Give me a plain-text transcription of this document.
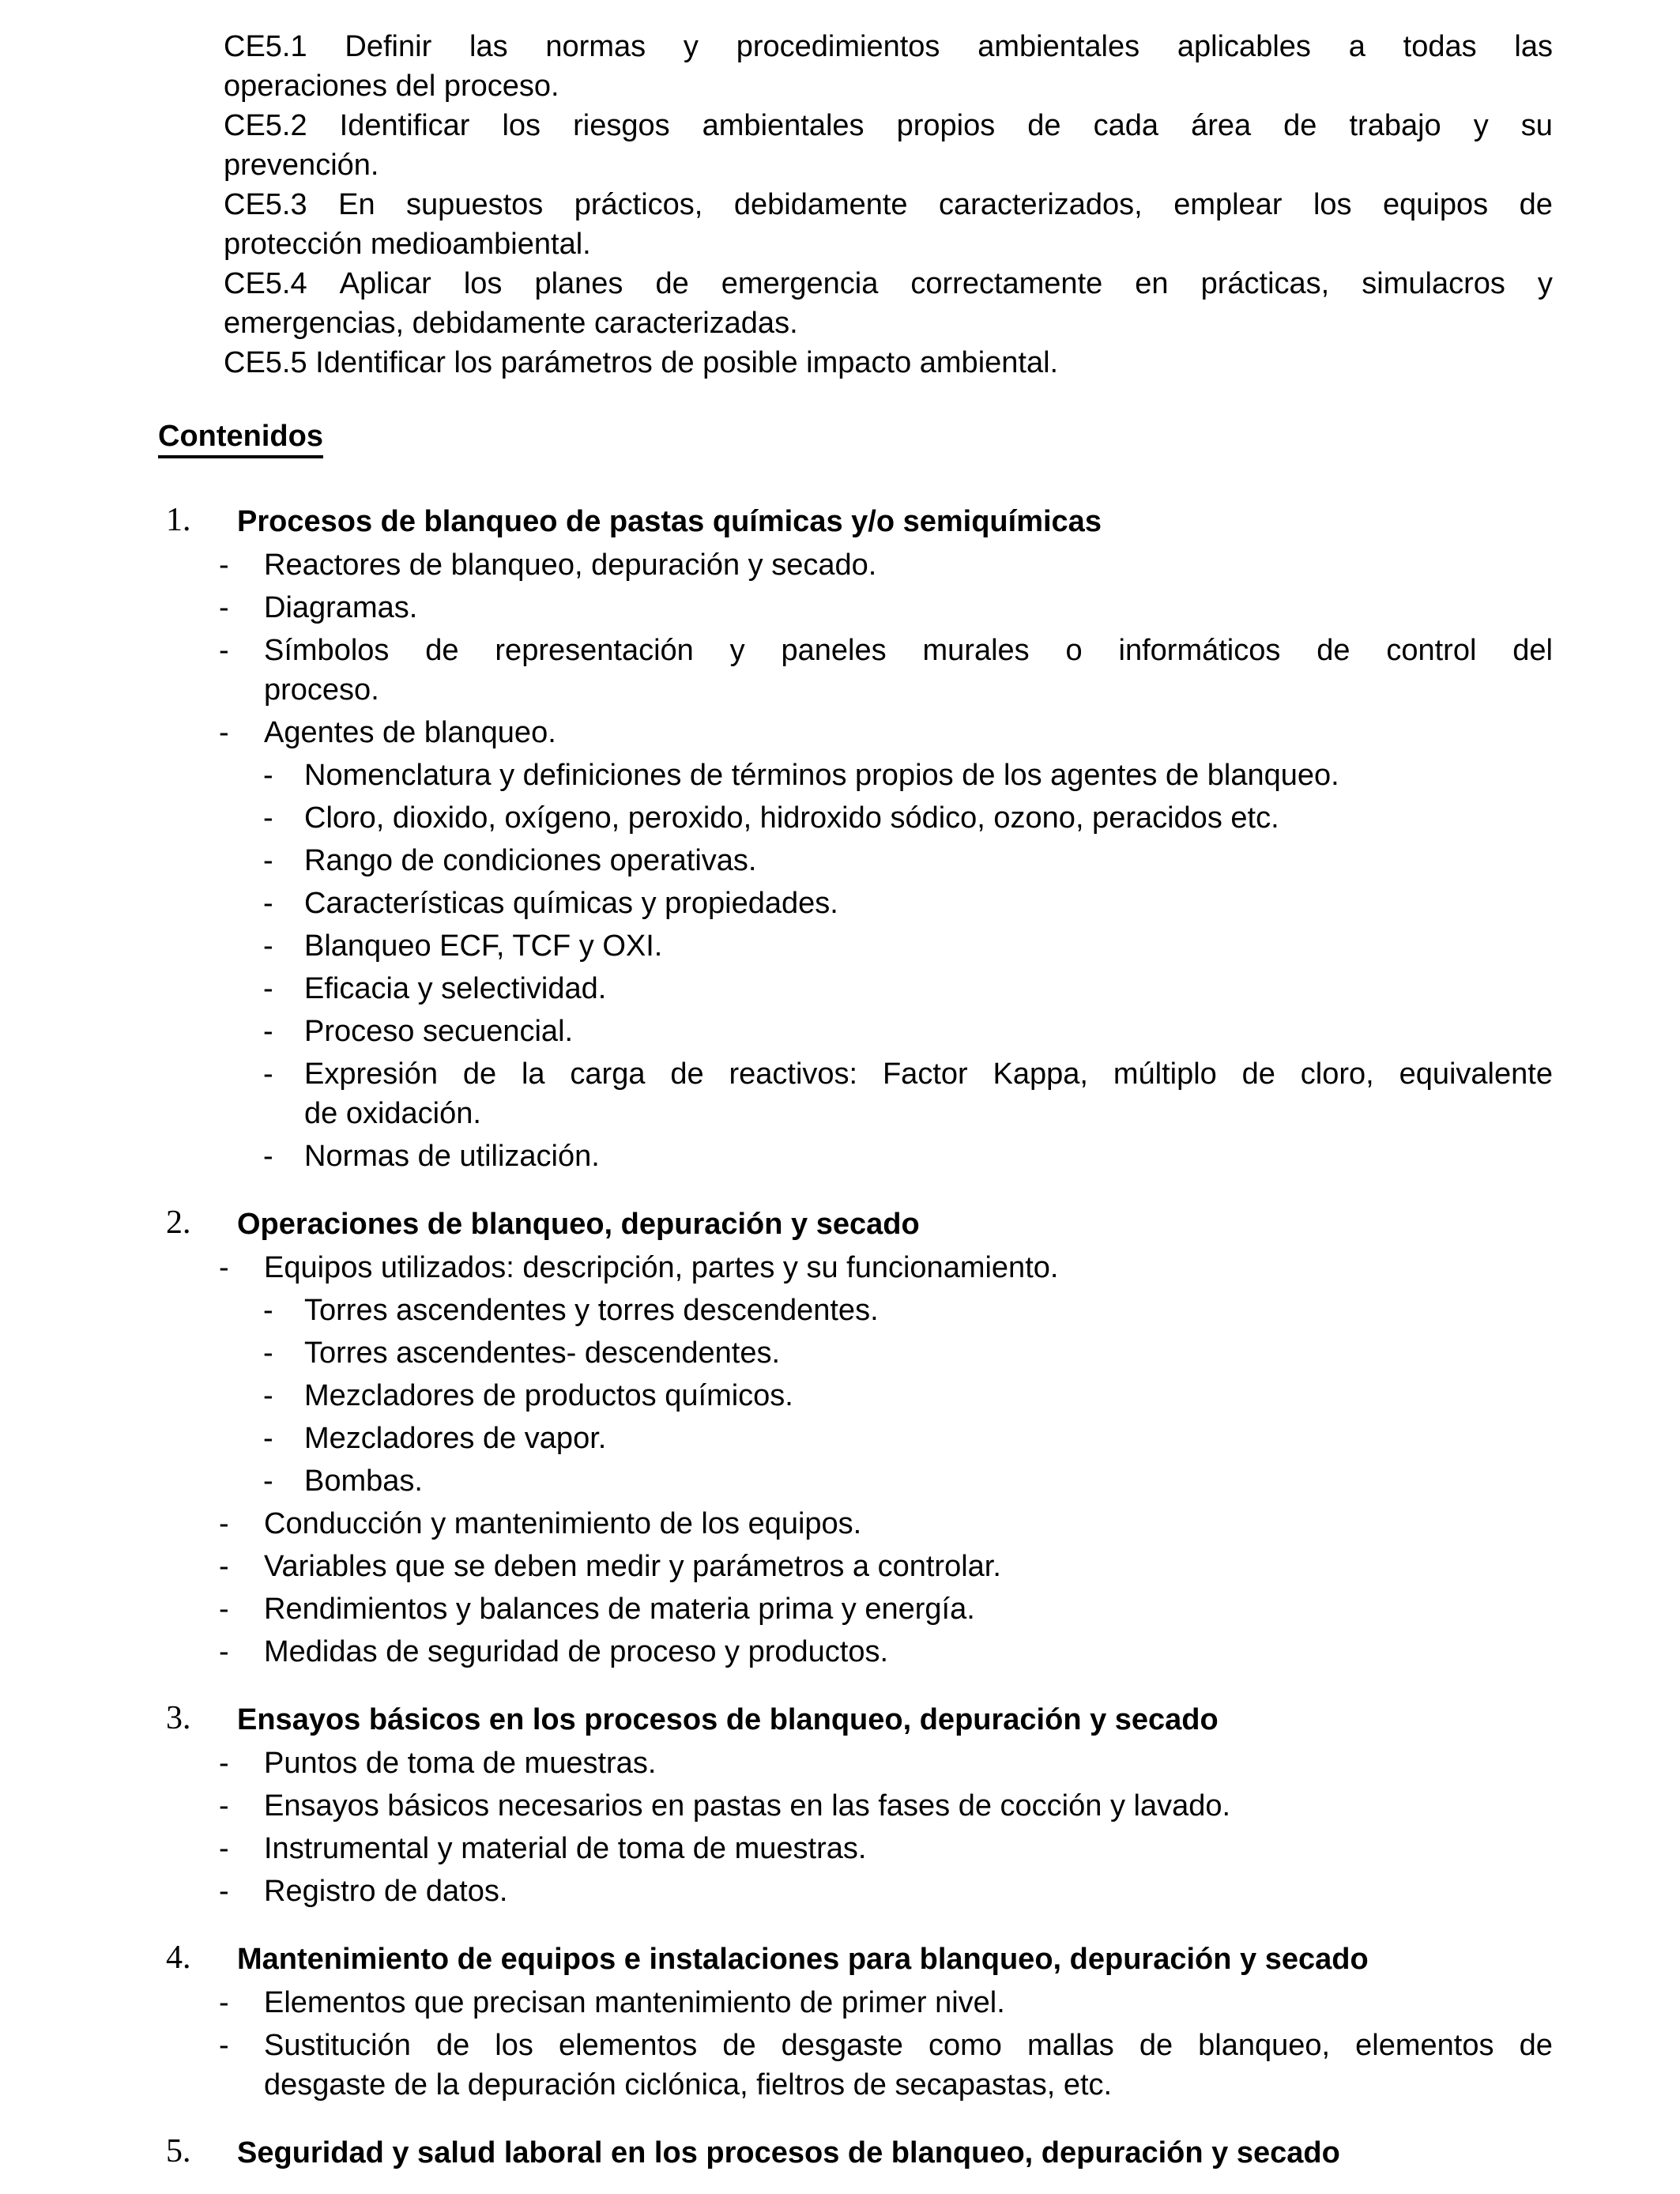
CE5.1 Definir las normas y procedimientos ambientales aplicables a todas las
operaciones del proceso.
CE5.2 Identificar los riesgos ambientales propios de cada área de trabajo y su
prevención.
CE5.3 En supuestos prácticos, debidamente caracterizados, emplear los equipos de
protección medioambiental.
CE5.4 Aplicar los planes de emergencia correctamente en prácticas, simulacros y
emergencias, debidamente caracterizadas.
CE5.5 Identificar los parámetros de posible impacto ambiental.
Contenidos
1. Procesos de blanqueo de pastas químicas y/o semiquímicas
- Reactores de blanqueo, depuración y secado.
- Diagramas.
- Símbolos de representación y paneles murales o informáticos de control del
proceso.
- Agentes de blanqueo.
- Nomenclatura y definiciones de términos propios de los agentes de blanqueo.
- Cloro, dioxido, oxígeno, peroxido, hidroxido sódico, ozono, peracidos etc.
- Rango de condiciones operativas.
- Características químicas y propiedades.
- Blanqueo ECF, TCF y OXI.
- Eficacia y selectividad.
- Proceso secuencial.
- Expresión de la carga de reactivos: Factor Kappa, múltiplo de cloro, equivalente
de oxidación.
- Normas de utilización.
2. Operaciones de blanqueo, depuración y secado
- Equipos utilizados: descripción, partes y su funcionamiento.
- Torres ascendentes y torres descendentes.
- Torres ascendentes- descendentes.
- Mezcladores de productos químicos.
- Mezcladores de vapor.
- Bombas.
- Conducción y mantenimiento de los equipos.
- Variables que se deben medir y parámetros a controlar.
- Rendimientos y balances de materia prima y energía.
- Medidas de seguridad de proceso y productos.
3. Ensayos básicos en los procesos de blanqueo, depuración y secado
- Puntos de toma de muestras.
- Ensayos básicos necesarios en pastas en las fases de cocción y lavado.
- Instrumental y material de toma de muestras.
- Registro de datos.
4. Mantenimiento de equipos e instalaciones para blanqueo, depuración y secado
- Elementos que precisan mantenimiento de primer nivel.
- Sustitución de los elementos de desgaste como mallas de blanqueo, elementos de
desgaste de la depuración ciclónica, fieltros de secapastas, etc.
5. Seguridad y salud laboral en los procesos de blanqueo, depuración y secado
